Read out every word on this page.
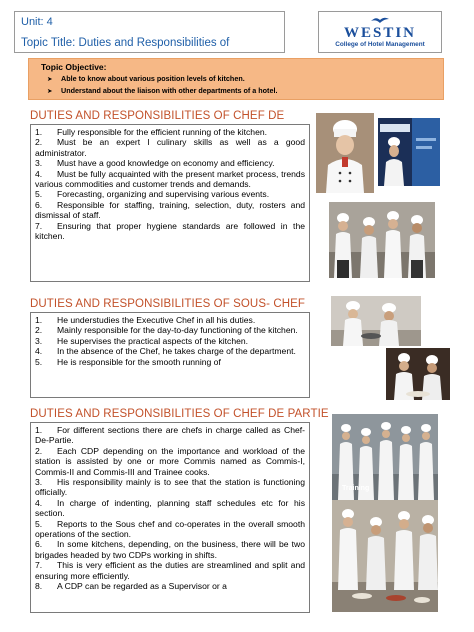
Unit: 4
Topic Title: Duties and Responsibilities of
WESTIN
College of Hotel Management
Topic Objective:
➤	Able to know about various position levels of kitchen.
➤	Understand about the liaison with other departments of a hotel.
DUTIES AND RESPONSIBILITIES OF CHEF DE
1. Fully responsible for the efficient running of the kitchen.
2. Must be an expert I culinary skills as well as a good administrator.
3. Must have a good knowledge on economy and efficiency.
4. Must be fully acquainted with the present market process, trends various commodities and customer trends and demands.
5. Forecasting, organizing and supervising various events.
6. Responsible for staffing, training, selection, duty, rosters and dismissal of staff.
7. Ensuring that proper hygiene standards are followed in the kitchen.
DUTIES AND RESPONSIBILITIES OF SOUS- CHEF
1. He understudies the Executive Chef in all his duties.
2. Mainly responsible for the day-to-day functioning of the kitchen.
3. He supervises the practical aspects of the kitchen.
4. In the absence of the Chef, he takes charge of the department.
5. He is responsible for the smooth running of
DUTIES AND RESPONSIBILITIES OF CHEF DE PARTIE
1. For different sections there are chefs in charge called as Chef-De-Partie.
2. Each CDP depending on the importance and workload of the station is assisted by one or more Commis named as Commis-I, Commis-II and Commis-III and Trainee cooks.
3. His responsibility mainly is to see that the station is functioning officially.
4. In charge of indenting, planning staff schedules etc for his section.
5. Reports to the Sous chef and co-operates in the overall smooth operations of the section.
6. In some kitchens, depending, on the business, there will be two brigades headed by two CDPs working in shifts.
7. This is very efficient as the duties are streamlined and split and ensuring more efficiently.
8. A CDP can be regarded as a Supervisor or a
Training
